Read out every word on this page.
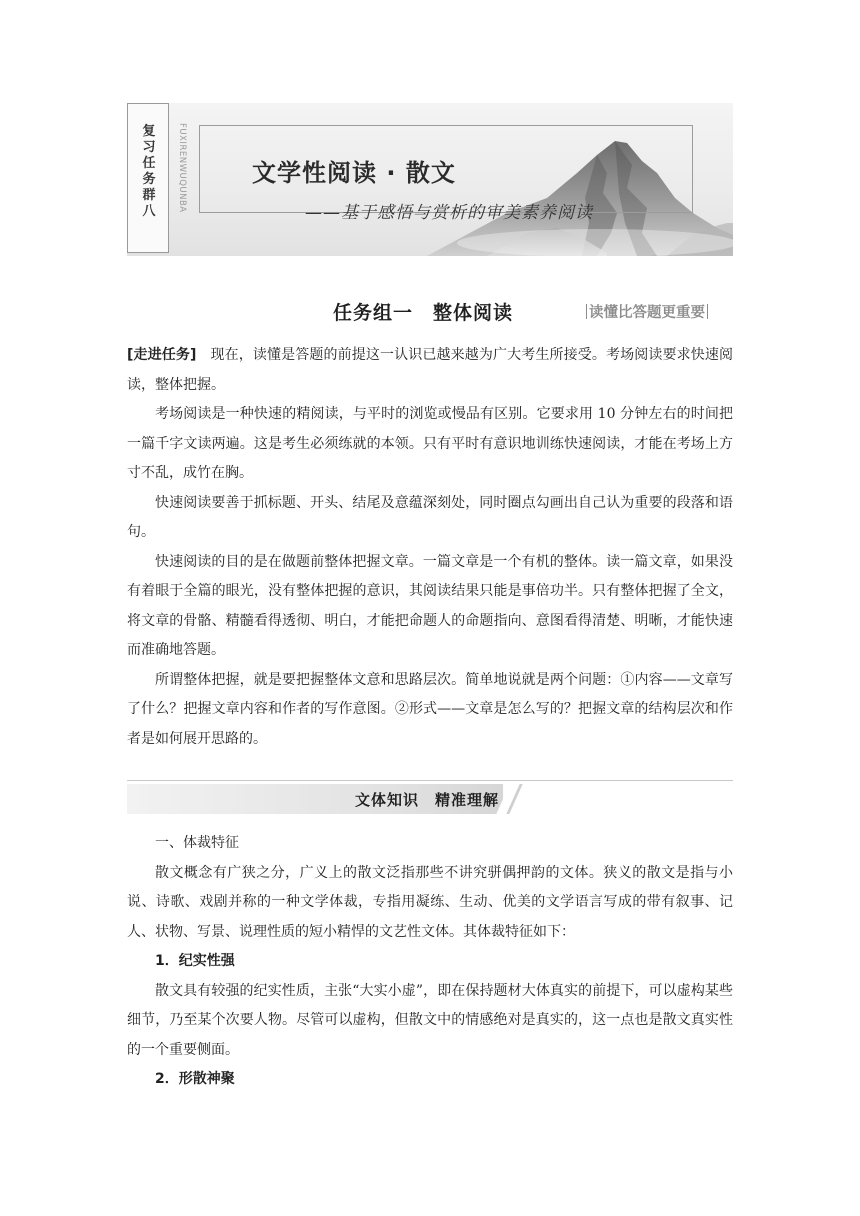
复习任务群八	FUXIRENWUQUNBA	文学性阅读 · 散文
——基于感悟与赏析的审美素养阅读
任务组一　整体阅读	读懂比答题更重要

[走进任务] 现在，读懂是答题的前提这一认识已越来越为广大考生所接受。考场阅读要求快速阅读，整体把握。

考场阅读是一种快速的精阅读，与平时的浏览或慢品有区别。它要求用 10 分钟左右的时间把一篇千字文读两遍。这是考生必须练就的本领。只有平时有意识地训练快速阅读，才能在考场上方寸不乱，成竹在胸。

快速阅读要善于抓标题、开头、结尾及意蕴深刻处，同时圈点勾画出自己认为重要的段落和语句。

快速阅读的目的是在做题前整体把握文章。一篇文章是一个有机的整体。读一篇文章，如果没有着眼于全篇的眼光，没有整体把握的意识，其阅读结果只能是事倍功半。只有整体把握了全文，将文章的骨骼、精髓看得透彻、明白，才能把命题人的命题指向、意图看得清楚、明晰，才能快速而准确地答题。

所谓整体把握，就是要把握整体文意和思路层次。简单地说就是两个问题：①内容——文章写了什么？把握文章内容和作者的写作意图。②形式——文章是怎么写的？把握文章的结构层次和作者是如何展开思路的。

文体知识　精准理解

一、体裁特征

散文概念有广狭之分，广义上的散文泛指那些不讲究骈偶押韵的文体。狭义的散文是指与小说、诗歌、戏剧并称的一种文学体裁，专指用凝练、生动、优美的文学语言写成的带有叙事、记人、状物、写景、说理性质的短小精悍的文艺性文体。其体裁特征如下：

1．纪实性强

散文具有较强的纪实性质，主张“大实小虚”，即在保持题材大体真实的前提下，可以虚构某些细节，乃至某个次要人物。尽管可以虚构，但散文中的情感绝对是真实的，这一点也是散文真实性的一个重要侧面。

2．形散神聚
